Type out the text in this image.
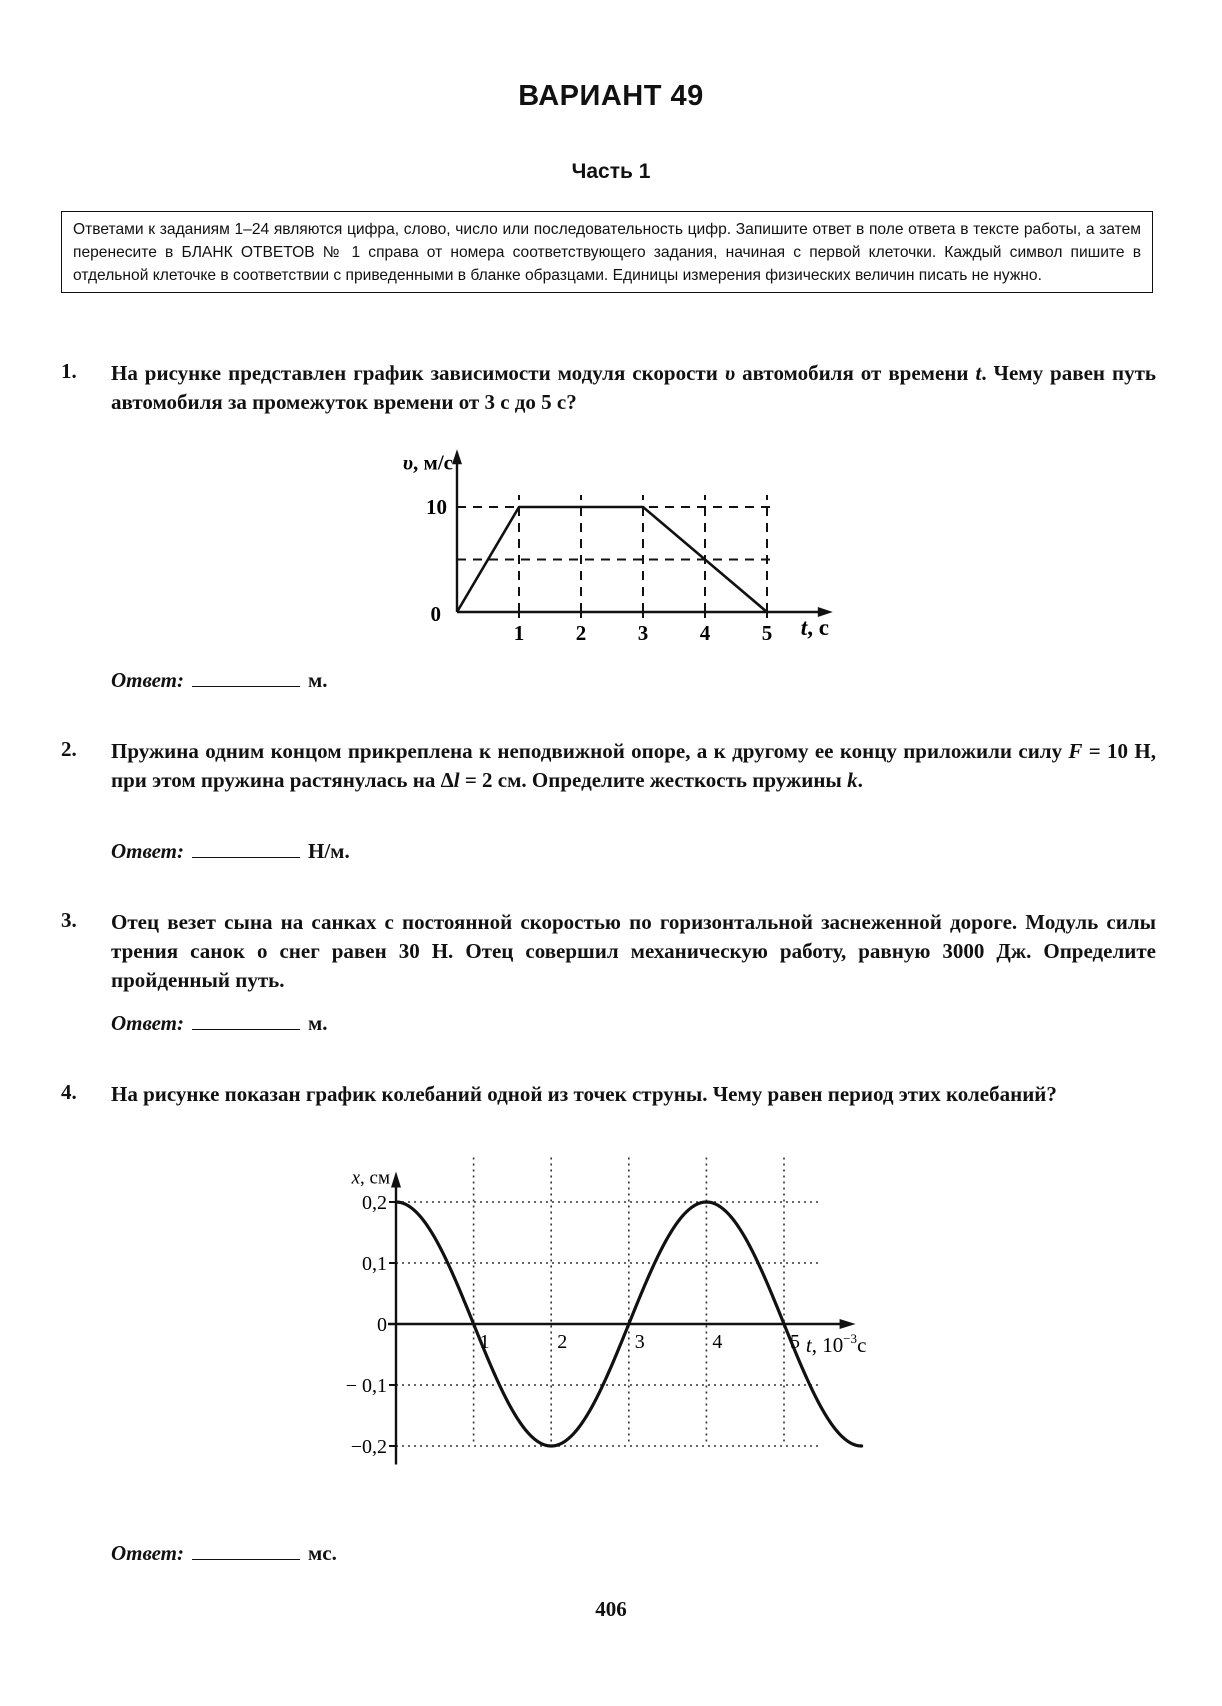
ВАРИАНТ 49
Часть 1
Ответами к заданиям 1–24 являются цифра, слово, число или последовательность цифр. Запишите ответ в поле ответа в тексте работы, а затем перенесите в БЛАНК ОТВЕТОВ № 1 справа от номера соответствующего задания, начиная с первой клеточки. Каждый символ пишите в отдельной клеточке в соответствии с приведенными в бланке образцами. Единицы измерения физических величин писать не нужно.
1. На рисунке представлен график зависимости модуля скорости υ автомобиля от времени t. Чему равен путь автомобиля за промежуток времени от 3 с до 5 с?
1 2 3 4 5
10
0
υ, м/с
t, с
Ответ:	м.
2. Пружина одним концом прикреплена к неподвижной опоре, а к другому ее концу приложили силу F = 10 Н, при этом пружина растянулась на Δl = 2 см. Определите жесткость пружины k.
Ответ:	Н/м.
3. Отец везет сына на санках с постоянной скоростью по горизонтальной заснеженной дороге. Модуль силы трения санок о снег равен 30 Н. Отец совершил механическую работу, равную 3000 Дж. Определите пройденный путь.
Ответ:	м.
4. На рисунке показан график колебаний одной из точек струны. Чему равен период этих колебаний?
1	2	3	4	5
0,2
0,1
0
− 0,1
−0,2
x, см
t, $10^{-3}с$
Ответ:	мс.
406
